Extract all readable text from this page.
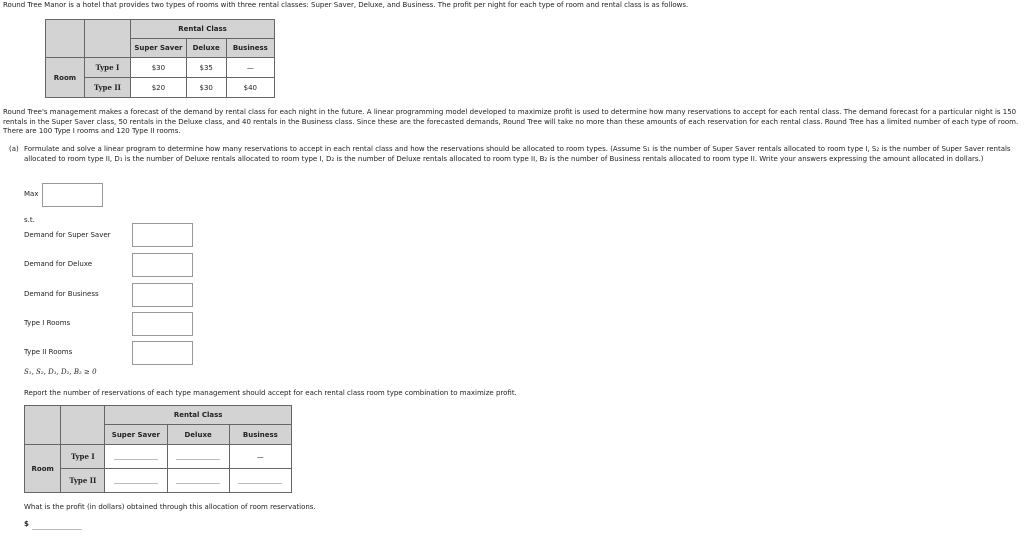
Round Tree Manor is a hotel that provides two types of rooms with three rental classes: Super Saver, Deluxe, and Business. The profit per night for each type of room and rental class is as follows.
		Rental Class		
		Super Saver	Deluxe	Business
Room	Type I	$30	$35	—
	Type II	$20	$30	$40
Round Tree's management makes a forecast of the demand by rental class for each night in the future. A linear programming model developed to maximize profit is used to determine how many reservations to accept for each rental class. The demand forecast for a particular night is 150 rentals in the Super Saver class, 50 rentals in the Deluxe class, and 40 rentals in the Business class. Since these are the forecasted demands, Round Tree will take no more than these amounts of each reservation for each rental class. Round Tree has a limited number of each type of room. There are 100 Type I rooms and 120 Type II rooms.
(a) Formulate and solve a linear program to determine how many reservations to accept in each rental class and how the reservations should be allocated to room types. (Assume S₁ is the number of Super Saver rentals allocated to room type I, S₂ is the number of Super Saver rentals allocated to room type II, D₁ is the number of Deluxe rentals allocated to room type I, D₂ is the number of Deluxe rentals allocated to room type II, B₂ is the number of Business rentals allocated to room type II. Write your answers expressing the amount allocated in dollars.)
Max
s.t.
Demand for Super Saver
Demand for Deluxe
Demand for Business
Type I Rooms
Type II Rooms
S₁, S₂, D₁, D₂, B₂ ≥ 0
Report the number of reservations of each type management should accept for each rental class room type combination to maximize profit.
		Rental Class		
		Super Saver	Deluxe	Business
Room	Type I			—
	Type II			
What is the profit (in dollars) obtained through this allocation of room reservations.
$
